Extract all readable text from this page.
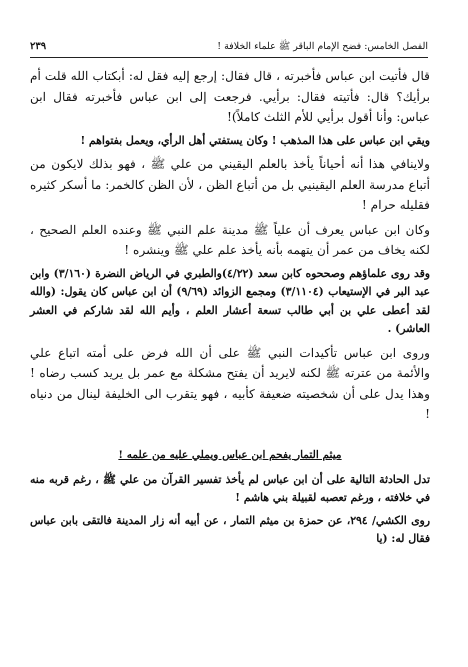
الفصل الخامس: فضح الإمام الباقر ﷺ علماء الخلافة !
٢٣٩
قال فأتيت ابن عباس فأخبرته ، قال فقال: إرجع إليه فقل له: أبكتاب الله قلت أم برأيك؟ قال: فأتيته فقال: برأيي. فرجعت إلى ابن عباس فأخبرته فقال ابن عباس: وأنا أقول برأيي للأم الثلث كاملاً)!
ويقي ابن عباس على هذا المذهب ! وكان يستفتي أهل الرأي، ويعمل بفتواهم !
ولاينافي هذا أنه أحياناً يأخذ بالعلم اليقيني من علي ﷺ ، فهو بذلك لايكون من أتباع مدرسة العلم اليقينيي بل من أتباع الظن ، لأن الظن كالخمر: ما أسكر كثيره فقليله حرام !
وكان ابن عباس يعرف أن علياً ﷺ مدينة علم النبي ﷺ وعنده العلم الصحيح ، لكنه يخاف من عمر أن يتهمه بأنه يأخذ علم علي ﷺ وينشره !
وقد روى علماؤهم وصححوه كابن سعد (٤/٢٢)والطبري في الرياض النضرة (٣/١٦٠) وابن عبد البر في الإستيعاب (٣/١١٠٤) ومجمع الزوائد (٩/٦٩) أن ابن عباس كان يقول: (والله لقد أعطى علي بن أبي طالب تسعة أعشار العلم ، وأيم الله لقد شاركم في العشر العاشر) .
وروى ابن عباس تأكيدات النبي ﷺ على أن الله فرض على أمته اتباع علي والأئمة من عترته ﷺ لكنه لايريد أن يفتح مشكلة مع عمر بل يريد كسب رضاه ! وهذا يدل على أن شخصيته ضعيفة كأبيه ، فهو يتقرب الى الخليفة لينال من دنياه !
ميثم التمار يفحم ابن عباس ويملي عليه من علمه !
تدل الحادثة التالية على أن ابن عباس لم يأخذ تفسير القرآن من علي ﷺ ، رغم قربه منه في خلافته ، ورغم تعصبه لقبيلة بني هاشم !
روى الكشي/ ٢٩٤، عن حمزة بن ميثم التمار ، عن أبيه أنه زار المدينة فالتقى بابن عباس فقال له: (يا
